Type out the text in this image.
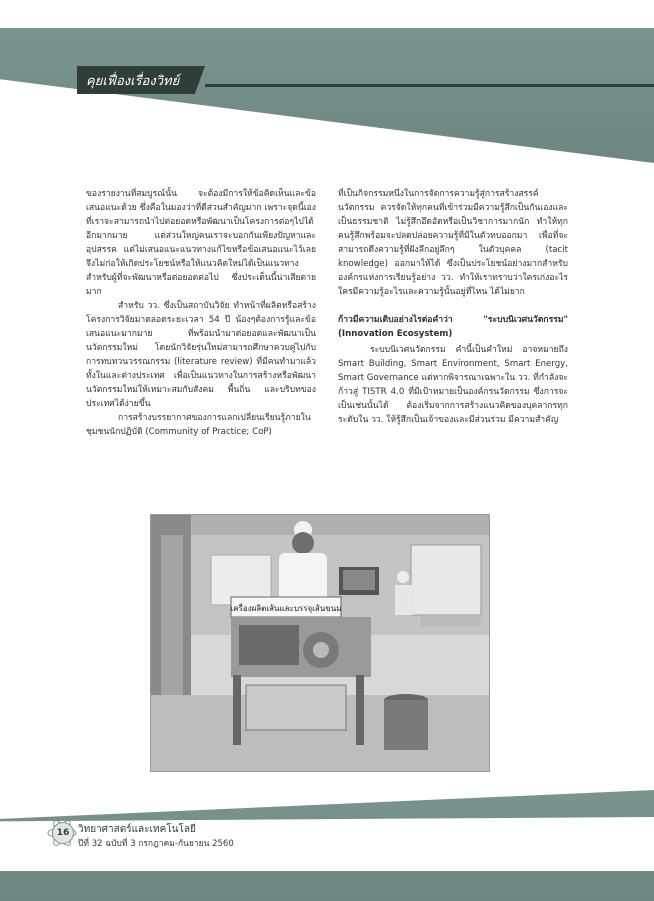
คุยเฟื่องเรื่องวิทย์

ของรายงานที่สมบูรณ์นั้น จะต้องมีการให้ข้อคิดเห็นและข้อเสนอแนะด้วย ซึ่งคือในมองว่าที่ดีส่วนสำคัญมาก เพราะจุดนี้เองที่เราจะสามารถนำไปต่อยอดหรือพัฒนาเป็นโครงการต่อๆไปได้อีกมากมาย แต่ส่วนใหญ่คนเราจะบอกกันเพียงปัญหาและอุปสรรค แต่ไม่เสนอแนะแนวทางแก้ไขหรือข้อเสนอแนะไว้เลย จึงไม่ก่อให้เกิดประโยชน์หรือให้แนวคิดใหม่ได้เป็นแนวทางสำหรับผู้ที่จะพัฒนาหรือต่อยอดต่อไป ซึ่งประเด็นนี้น่าเสียดายมาก

สำหรับ วว. ซึ่งเป็นสถาบันวิจัย ทำหน้าที่ผลิตหรือสร้างโครงการวิจัยมาตลอดระยะเวลา 54 ปี น้องๆต้องการรู้และข้อเสนอแนะมากมาย ที่พร้อมนำมาต่อยอดและพัฒนาเป็นนวัตกรรมใหม่ โดยนักวิจัยรุ่นใหม่สามารถศึกษาควบคู่ไปกับการทบทวนวรรณกรรม (literature review) ที่มีคนทำมาแล้วทั้งในและต่างประเทศ เพื่อเป็นแนวทางในการสร้างหรือพัฒนานวัตกรรมใหม่ให้เหมาะสมกับสังคม พื้นถิ่น และบริบทของประเทศได้ง่ายขึ้น

การสร้างบรรยากาศของการแลกเปลี่ยนเรียนรู้ภายในชุมชนนักปฏิบัติ (Community of Practice; CoP)

ที่เป็นกิจกรรมหนึ่งในการจัดการความรู้สู่การสร้างสรรค์นวัตกรรม ควรจัดให้ทุกคนที่เข้าร่วมมีความรู้สึกเป็นกันเองและเป็นธรรมชาติ ไม่รู้สึกอึดอัดหรือเป็นวิชาการมากนัก ทำให้ทุกคนรู้สึกพร้อมจะปลดปล่อยความรู้ที่มีในตัวทบออกมา เพื่อที่จะสามารถดึงความรู้ที่ฝังลึกอยู่ลึกๆ ในตัวบุคคล (tacit knowledge) ออกมาให้ได้ ซึ่งเป็นประโยชน์อย่างมากสำหรับองค์กรแห่งการเรียนรู้อย่าง วว. ทำให้เราทราบว่าใครเก่งอะไร ใครมีความรู้อะไรและความรู้นั้นอยู่ที่ไหน ได้ไม่ยาก

ก้าวมีความเติบอย่างไรต่อคำว่า "ระบบนิเวศนวัตกรรม" (Innovation Ecosystem)

ระบบนิเวศนวัตกรรม คำนี้เป็นคำใหม่ อาจหมายถึง Smart Building, Smart Environment, Smart Energy, Smart Governance แต่หากพิจารณาเฉพาะใน วว. ที่กำลังจะก้าวสู่ TISTR 4.0 ที่มีเป้าหมายเป็นองค์กรนวัตกรรม ซึ่งการจะเป็นเช่นนั้นได้ ต้องเริ่มจากการสร้างแนวคิดของบุคลากรทุกระดับใน วว. ให้รู้สึกเป็นเจ้าของและมีส่วนร่วม มีความสำคัญ

เครื่องผลิตเส้นและบรรจุเส้นขนม
16 วิทยาศาสตร์และเทคโนโลยี
ปีที่ 32 ฉบับที่ 3 กรกฎาคม-กันยายน 2560
